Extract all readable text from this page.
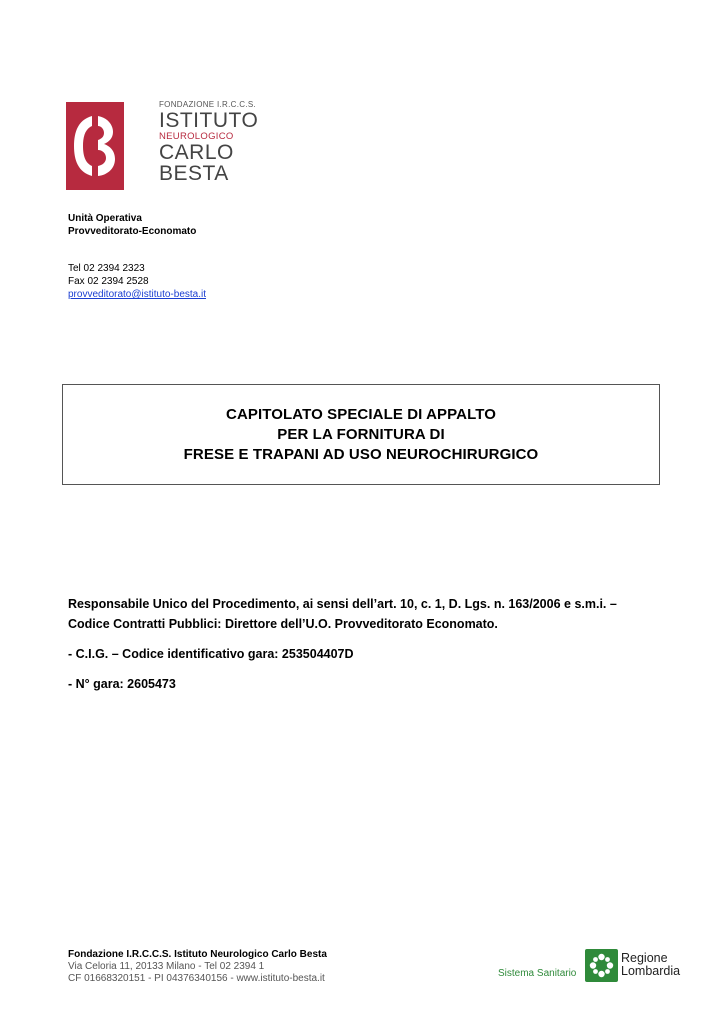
FONDAZIONE I.R.C.C.S.
ISTITUTO
NEUROLOGICO
CARLO
BESTA
Unità Operativa
Provveditorato-Economato
Tel 02 2394 2323
Fax 02 2394 2528
provveditorato@istituto-besta.it
CAPITOLATO SPECIALE DI APPALTO
PER LA FORNITURA DI
FRESE E TRAPANI AD USO NEUROCHIRURGICO
Responsabile Unico del Procedimento, ai sensi dell’art. 10, c. 1, D. Lgs. n. 163/2006 e s.m.i. –
Codice Contratti Pubblici: Direttore dell’U.O. Provveditorato Economato.
- C.I.G. – Codice identificativo gara: 253504407D
- N° gara: 2605473
Fondazione I.R.C.C.S. Istituto Neurologico Carlo Besta
Via Celoria 11, 20133 Milano - Tel 02 2394 1
CF 01668320151 - PI 04376340156 - www.istituto-besta.it	Sistema Sanitario
Regione
Lombardia
